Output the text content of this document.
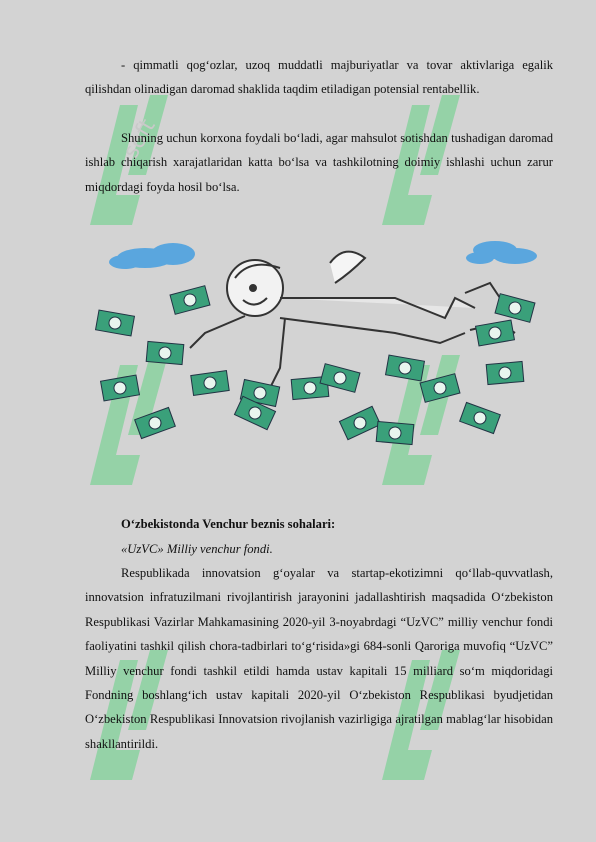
soft

- qimmatli qog‘ozlar, uzoq muddatli majburiyatlar va tovar aktivlariga egalik qilishdan olinadigan daromad shaklida taqdim etiladigan potensial rentabellik.

Shuning uchun korxona foydali bo‘ladi, agar mahsulot sotishdan tushadigan daromad ishlab chiqarish xarajatlaridan katta bo‘lsa va tashkilotning doimiy ishlashi uchun zarur miqdordagi foyda hosil bo‘lsa.

O‘zbekistonda Venchur beznis sohalari:

«UzVC» Milliy venchur fondi.

Respublikada innovatsion g‘oyalar va startap-ekotizimni qo‘llab-quvvatlash, innovatsion infratuzilmani rivojlantirish jarayonini jadallashtirish maqsadida O‘zbekiston Respublikasi Vazirlar Mahkamasining 2020-yil 3-noyabrdagi “UzVC” milliy venchur fondi faoliyatini tashkil qilish chora-tadbirlari to‘g‘risida»gi 684-sonli Qaroriga muvofiq “UzVC” Milliy venchur fondi tashkil etildi hamda ustav kapitali 15 milliard so‘m miqdoridagi Fondning boshlang‘ich ustav kapitali 2020-yil O‘zbekiston Respublikasi byudjetidan O‘zbekiston Respublikasi Innovatsion rivojlanish vazirligiga ajratilgan mablag‘lar hisobidan shakllantirildi.
